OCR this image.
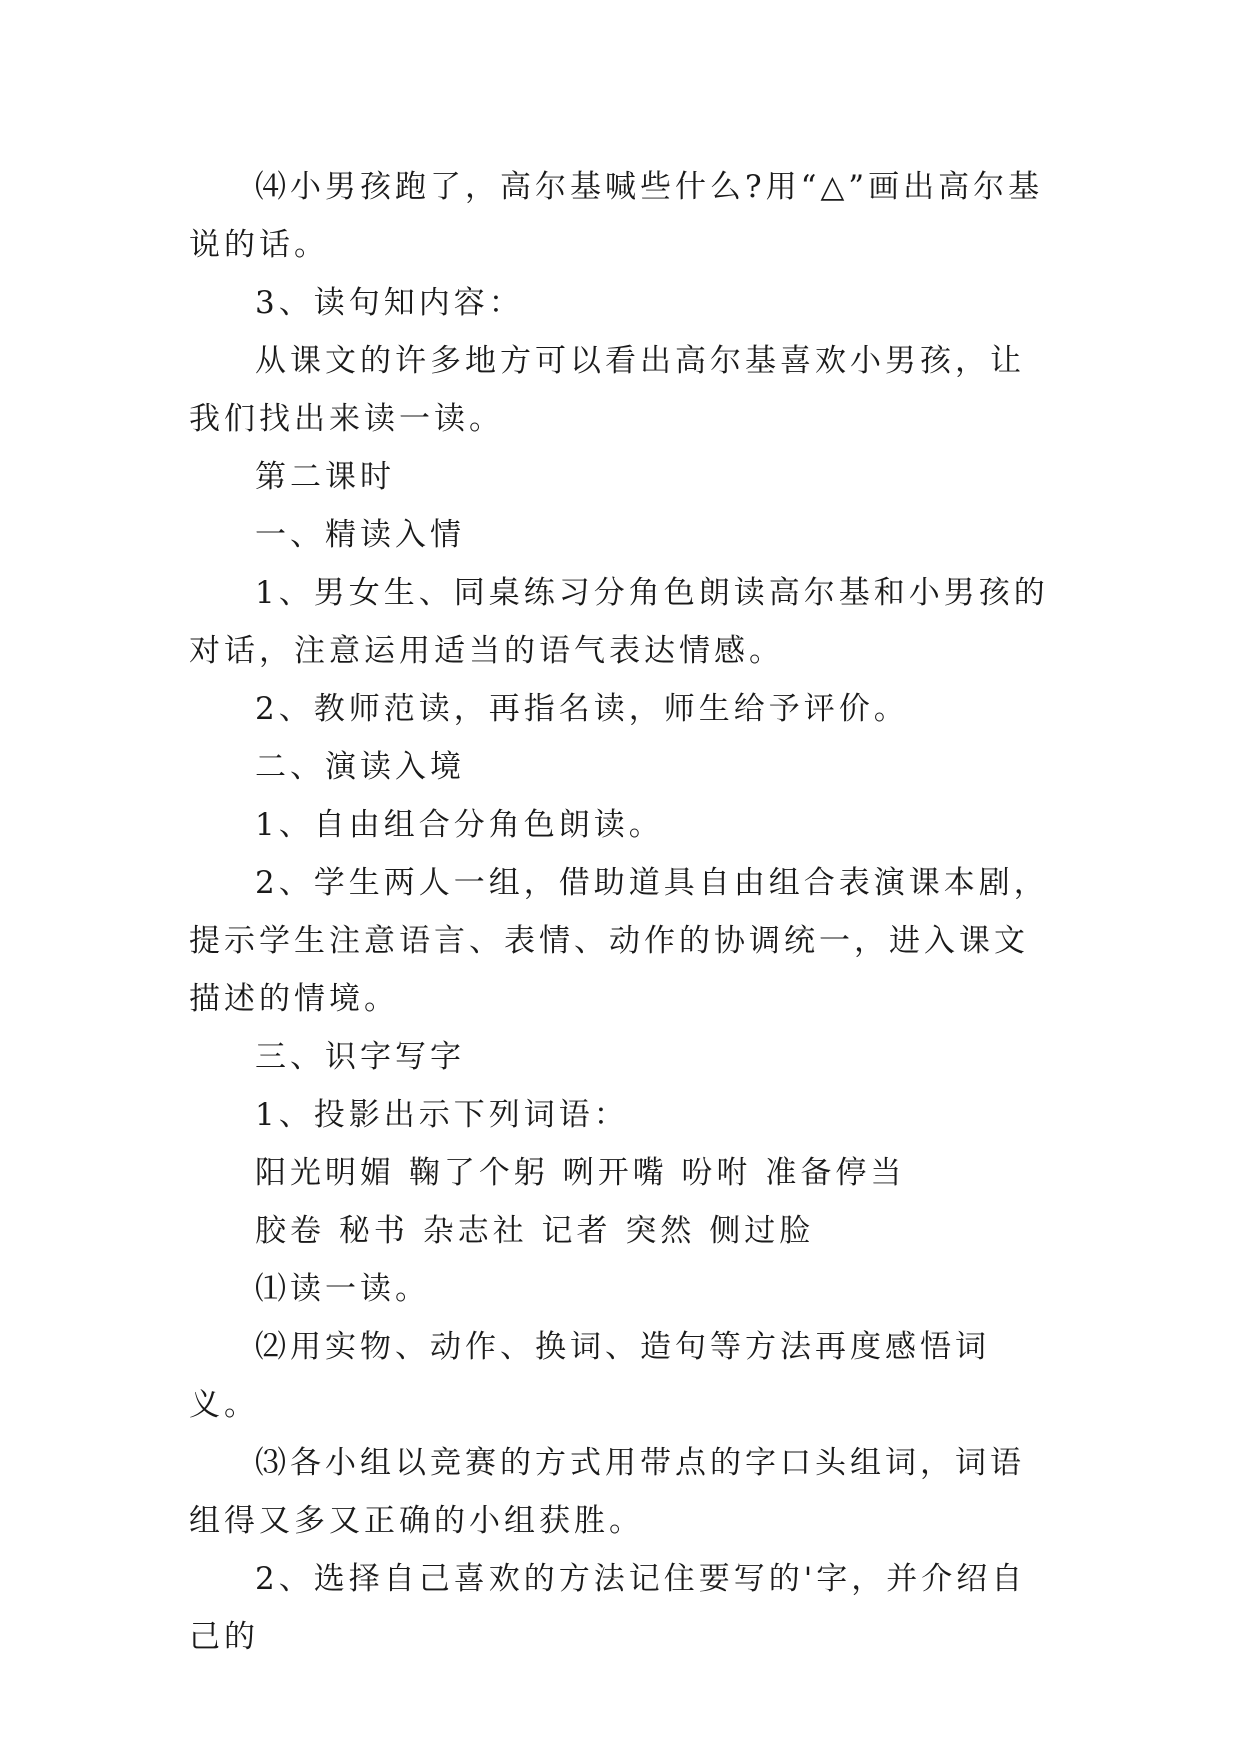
⑷小男孩跑了，高尔基喊些什么?用“△”画出高尔基说的话。

3、读句知内容：

从课文的许多地方可以看出高尔基喜欢小男孩，让我们找出来读一读。

第二课时

一、精读入情

1、男女生、同桌练习分角色朗读高尔基和小男孩的对话，注意运用适当的语气表达情感。

2、教师范读，再指名读，师生给予评价。

二、演读入境

1、自由组合分角色朗读。

2、学生两人一组，借助道具自由组合表演课本剧，提示学生注意语言、表情、动作的协调统一，进入课文描述的情境。

三、识字写字

1、投影出示下列词语：

阳光明媚 鞠了个躬 咧开嘴 吩咐 准备停当

胶卷 秘书 杂志社 记者 突然 侧过脸

⑴读一读。

⑵用实物、动作、换词、造句等方法再度感悟词义。

⑶各小组以竞赛的方式用带点的字口头组词，词语组得又多又正确的小组获胜。

2、选择自己喜欢的方法记住要写的'字，并介绍自己的
